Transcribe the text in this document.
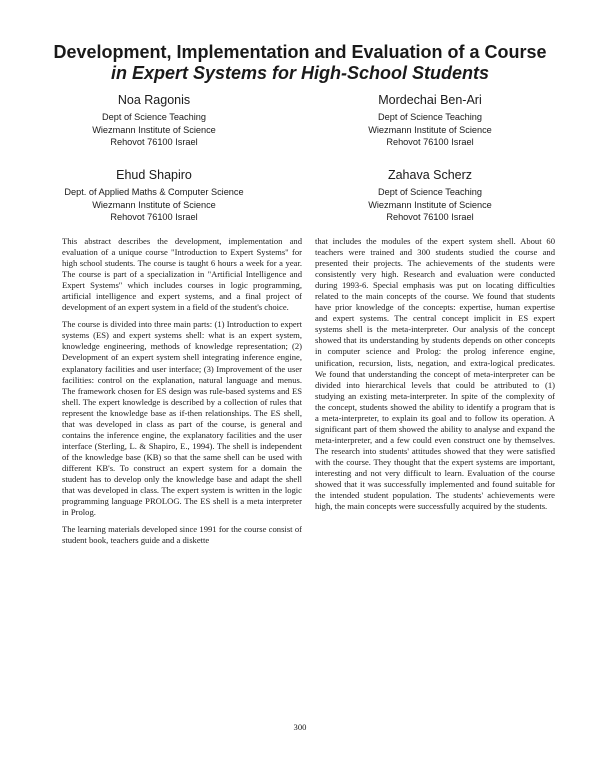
Development, Implementation and Evaluation of a Course
in Expert Systems for High-School Students
Noa Ragonis
Dept of Science Teaching
Wiezmann Institute of Science
Rehovot 76100 Israel
Mordechai Ben-Ari
Dept of Science Teaching
Wiezmann Institute of Science
Rehovot 76100 Israel
Ehud Shapiro
Dept. of Applied Maths & Computer Science
Wiezmann Institute of Science
Rehovot 76100 Israel
Zahava Scherz
Dept of Science Teaching
Wiezmann Institute of Science
Rehovot 76100 Israel

This abstract describes the development, implementation and evaluation of a unique course "Introduction to Expert Systems" for high school students. The course is taught 6 hours a week for a year. The course is part of a specialization in "Artificial Intelligence and Expert Systems" which includes courses in logic programming, artificial intelligence and expert systems, and a final project of development of an expert system in a field of the student's choice.

The course is divided into three main parts: (1) Introduction to expert systems (ES) and expert systems shell: what is an expert system, knowledge engineering, methods of knowledge representation; (2) Development of an expert system shell integrating inference engine, explanatory facilities and user interface; (3) Improvement of the user facilities: control on the explanation, natural language and menus. The framework chosen for ES design was rule-based systems and ES shell. The expert knowledge is described by a collection of rules that represent the knowledge base as if-then relationships. The ES shell, that was developed in class as part of the course, is general and contains the inference engine, the explanatory facilities and the user interface (Sterling, L. & Shapiro, E., 1994). The shell is independent of the knowledge base (KB) so that the same shell can be used with different KB's. To construct an expert system for a domain the student has to develop only the knowledge base and adapt the shell that was developed in class. The expert system is written in the logic programming language PROLOG. The ES shell is a meta interpreter in Prolog.

The learning materials developed since 1991 for the course consist of student book, teachers guide and a diskette

that includes the modules of the expert system shell. About 60 teachers were trained and 300 students studied the course and presented their projects. The achievements of the students were consistently very high. Research and evaluation were conducted during 1993-6. Special emphasis was put on locating difficulties related to the main concepts of the course. We found that students have prior knowledge of the concepts: expertise, human expertise and expert systems. The central concept implicit in ES expert systems shell is the meta-interpreter. Our analysis of the concept showed that its understanding by students depends on other concepts in computer science and Prolog: the prolog inference engine, unification, recursion, lists, negation, and extra-logical predicates. We found that understanding the concept of meta-interpreter can be divided into hierarchical levels that could be attributed to (1) studying an existing meta-interpreter. In spite of the complexity of the concept, students showed the ability to identify a program that is a meta-interpreter, to explain its goal and to follow its operation. A significant part of them showed the ability to analyse and expand the meta-interpreter, and a few could even construct one by themselves. The research into students' attitudes showed that they were satisfied with the course. They thought that the expert systems are important, interesting and not very difficult to learn. Evaluation of the course showed that it was successfully implemented and found suitable for the intended student population. The students' achievements were high, the main concepts were successfully acquired by the students.

300
